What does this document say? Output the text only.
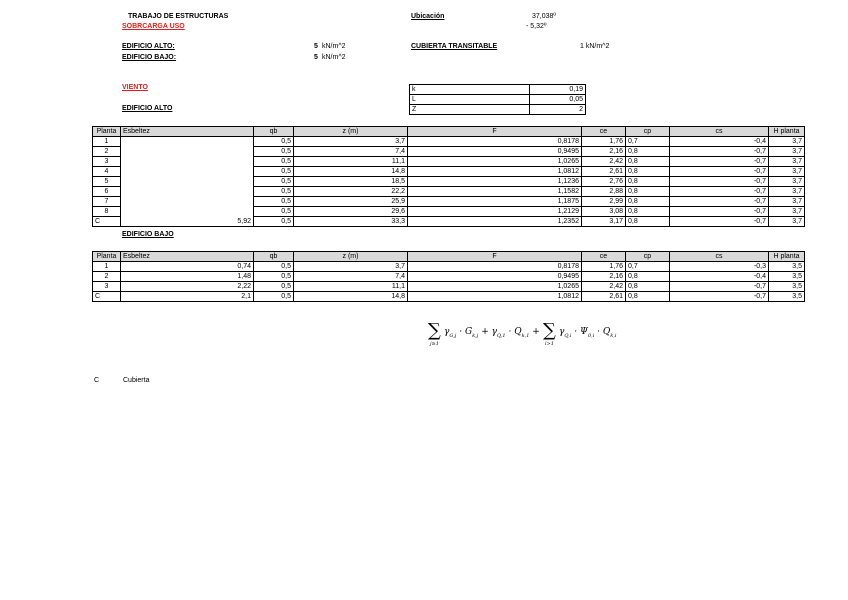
TRABAJO DE ESTRUCTURAS
SOBRCARGA USO
Ubicación	37,038º
- 5,32º
EDIFICIO ALTO:	5 kN/m^2
EDIFICIO BAJO:	5 kN/m^2
CUBIERTA TRANSITABLE	1 kN/m^2
VIENTO
EDIFICIO ALTO
k	0,19
L	0,05
Z	2
Planta	Esbeltez	qb	z (m)	F	ce	cp	cs	H planta
1		0,5	3,7	0,8178	1,76	0,7	-0,4	3,7
2		0,5	7,4	0,9495	2,16	0,8	-0,7	3,7
3		0,5	11,1	1,0265	2,42	0,8	-0,7	3,7
4		0,5	14,8	1,0812	2,61	0,8	-0,7	3,7
5		0,5	18,5	1,1236	2,76	0,8	-0,7	3,7
6		0,5	22,2	1,1582	2,88	0,8	-0,7	3,7
7		0,5	25,9	1,1875	2,99	0,8	-0,7	3,7
8		0,5	29,6	1,2129	3,08	0,8	-0,7	3,7
C	5,92	0,5	33,3	1,2352	3,17	0,8	-0,7	3,7
EDIFICIO BAJO
Planta	Esbeltez	qb	z (m)	F	ce	cp	cs	H planta
1	0,74	0,5	3,7	0,8178	1,76	0,7	-0,3	3,5
2	1,48	0,5	7,4	0,9495	2,16	0,8	-0,4	3,5
3	2,22	0,5	11,1	1,0265	2,42	0,8	-0,7	3,5
C	2,1	0,5	14,8	1,0812	2,61	0,8	-0,7	3,5
∑
j≥1
$\gamma_{G,j} \cdot G_{k,j} + \gamma_{Q,1} \cdot Q_{k,1}$ + ∑
i>1
$\gamma_{Q,i} \cdot \Psi_{0,i} \cdot Q_{k,i}$
C	Cubierta
